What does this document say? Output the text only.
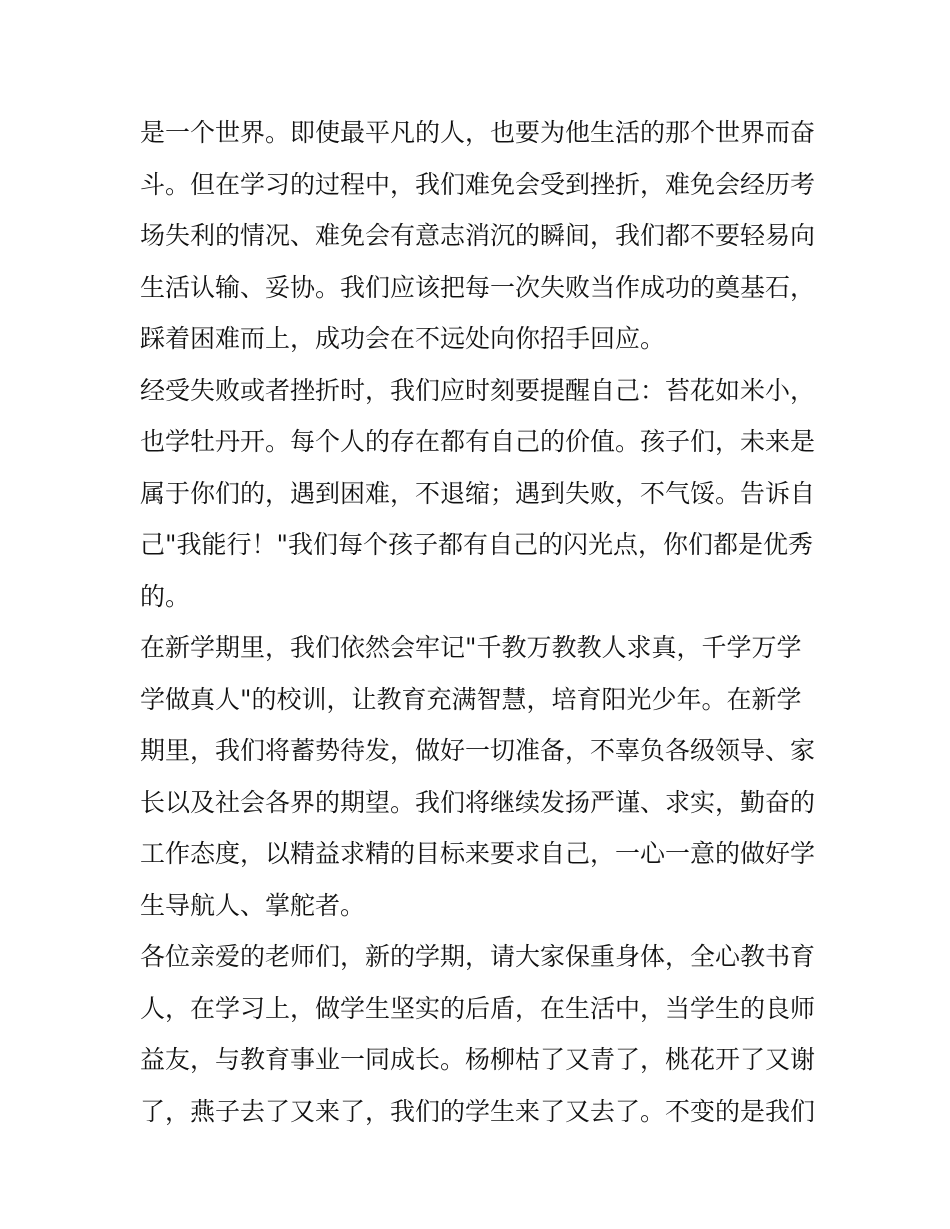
是一个世界。即使最平凡的人，也要为他生活的那个世界而奋
斗。但在学习的过程中，我们难免会受到挫折，难免会经历考
场失利的情况、难免会有意志消沉的瞬间，我们都不要轻易向
生活认输、妥协。我们应该把每一次失败当作成功的奠基石，
踩着困难而上，成功会在不远处向你招手回应。
经受失败或者挫折时，我们应时刻要提醒自己：苔花如米小，
也学牡丹开。每个人的存在都有自己的价值。孩子们，未来是
属于你们的，遇到困难，不退缩；遇到失败，不气馁。告诉自
己"我能行！"我们每个孩子都有自己的闪光点，你们都是优秀
的。
在新学期里，我们依然会牢记"千教万教教人求真，千学万学
学做真人"的校训，让教育充满智慧，培育阳光少年。在新学
期里，我们将蓄势待发，做好一切准备，不辜负各级领导、家
长以及社会各界的期望。我们将继续发扬严谨、求实，勤奋的
工作态度，以精益求精的目标来要求自己，一心一意的做好学
生导航人、掌舵者。
各位亲爱的老师们，新的学期，请大家保重身体，全心教书育
人，在学习上，做学生坚实的后盾，在生活中，当学生的良师
益友，与教育事业一同成长。杨柳枯了又青了，桃花开了又谢
了，燕子去了又来了，我们的学生来了又去了。不变的是我们
